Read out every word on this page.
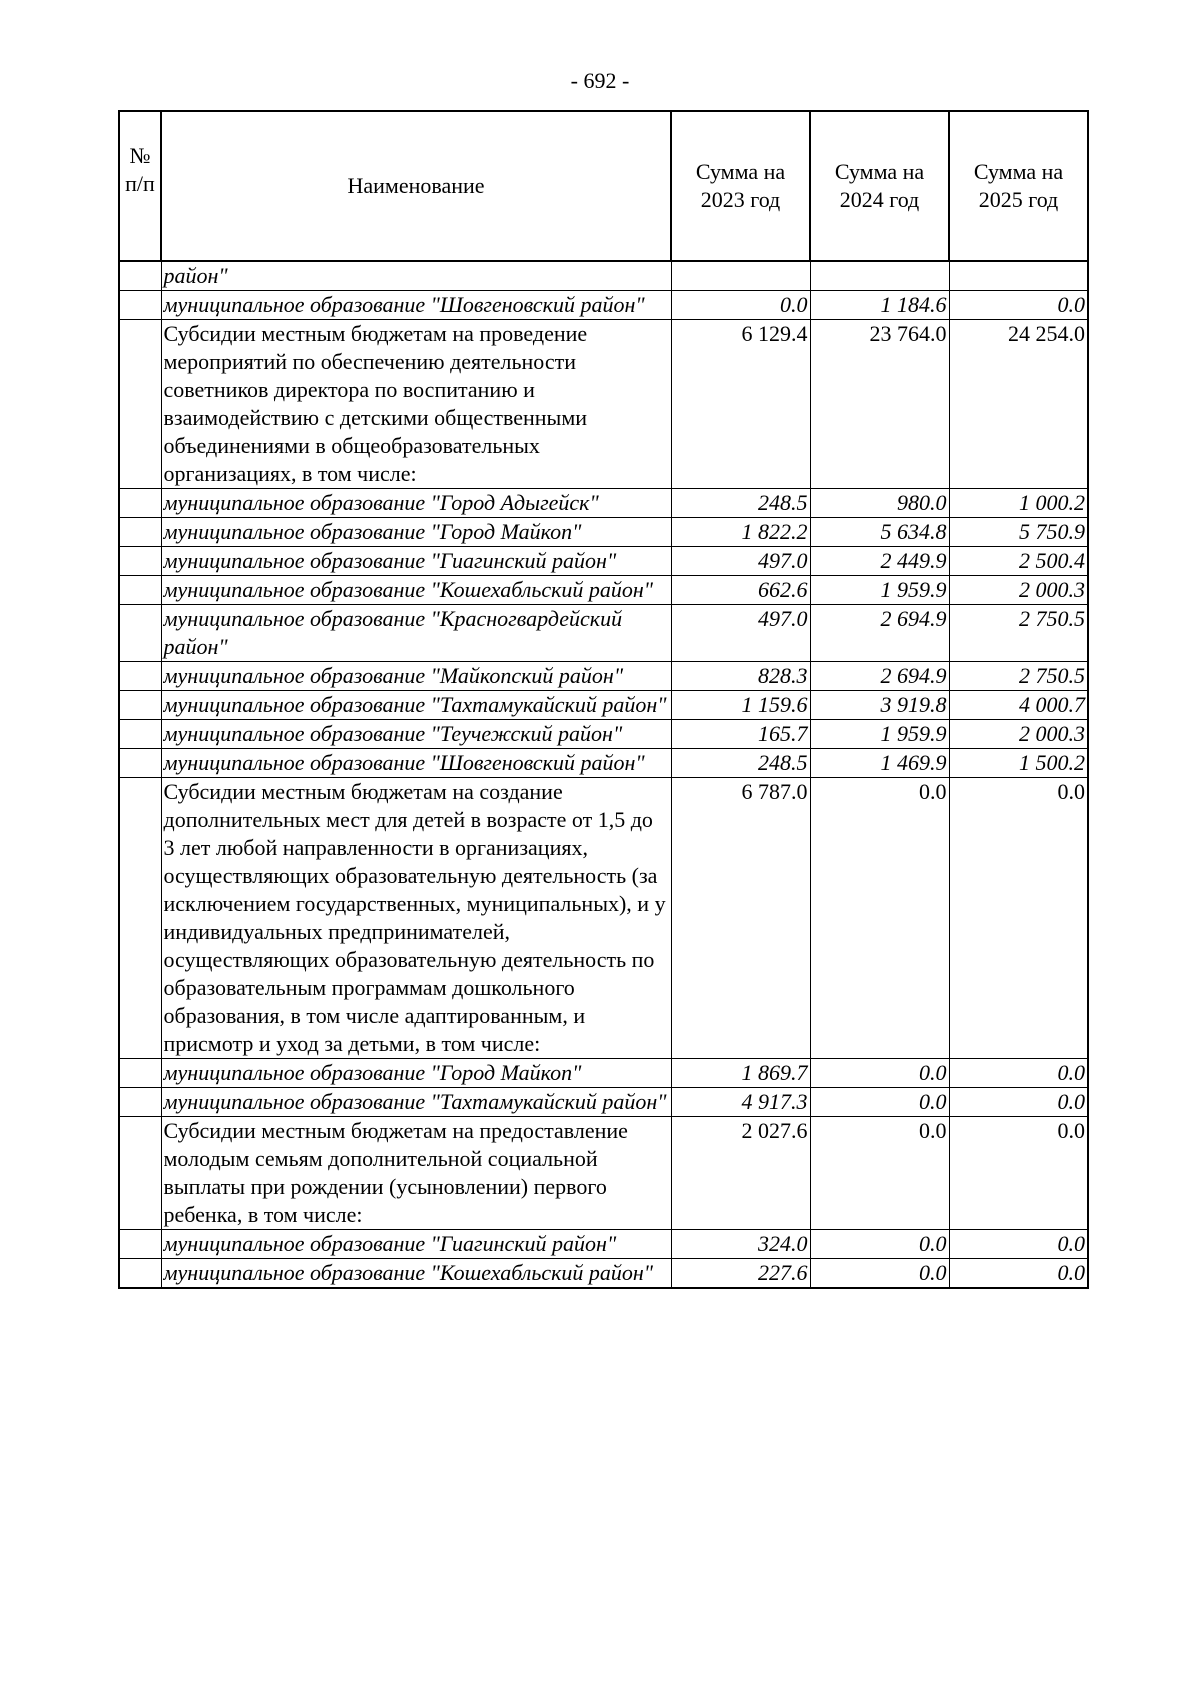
- 692 -
№ п/п	Наименование	Сумма на 2023 год	Сумма на 2024 год	Сумма на 2025 год
	район"			
	муниципальное образование "Шовгеновский район"	0.0	1 184.6	0.0
	Субсидии местным бюджетам на проведение мероприятий по обеспечению деятельности советников директора по воспитанию и взаимодействию с детскими общественными объединениями в общеобразовательных организациях, в том числе:	6 129.4	23 764.0	24 254.0
	муниципальное образование "Город Адыгейск"	248.5	980.0	1 000.2
	муниципальное образование "Город Майкоп"	1 822.2	5 634.8	5 750.9
	муниципальное образование "Гиагинский район"	497.0	2 449.9	2 500.4
	муниципальное образование "Кошехабльский район"	662.6	1 959.9	2 000.3
	муниципальное образование "Красногвардейский район"	497.0	2 694.9	2 750.5
	муниципальное образование "Майкопский район"	828.3	2 694.9	2 750.5
	муниципальное образование "Тахтамукайский район"	1 159.6	3 919.8	4 000.7
	муниципальное образование "Теучежский район"	165.7	1 959.9	2 000.3
	муниципальное образование "Шовгеновский район"	248.5	1 469.9	1 500.2
	Субсидии местным бюджетам на создание дополнительных мест для детей в возрасте от 1,5 до 3 лет любой направленности в организациях, осуществляющих образовательную деятельность (за исключением государственных, муниципальных), и у индивидуальных предпринимателей, осуществляющих образовательную деятельность по образовательным программам дошкольного образования, в том числе адаптированным, и присмотр и уход за детьми, в том числе:	6 787.0	0.0	0.0
	муниципальное образование "Город Майкоп"	1 869.7	0.0	0.0
	муниципальное образование "Тахтамукайский район"	4 917.3	0.0	0.0
	Субсидии местным бюджетам на предоставление молодым семьям дополнительной социальной выплаты при рождении (усыновлении) первого ребенка, в том числе:	2 027.6	0.0	0.0
	муниципальное образование "Гиагинский район"	324.0	0.0	0.0
	муниципальное образование "Кошехабльский район"	227.6	0.0	0.0
